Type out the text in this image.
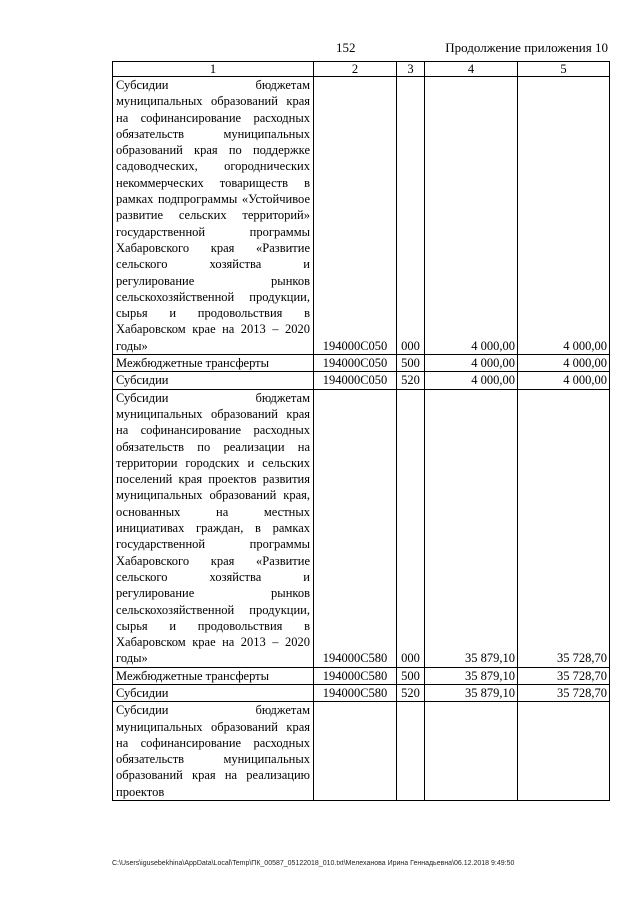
152	Продолжение приложения 10
1	2	3	4	5
Субсидии бюджетам муниципальных образований края на софинансирование расходных обязательств муниципальных образований края по поддержке садоводческих, огороднических некоммерческих товариществ в рамках подпрограммы «Устойчивое развитие сельских территорий» государственной программы Хабаровского края «Развитие сельского хозяйства и регулирование рынков сельскохозяйственной продукции, сырья и продовольствия в Хабаровском крае на 2013 – 2020 годы»	194000С050	000	4 000,00	4 000,00
Межбюджетные трансферты	194000С050	500	4 000,00	4 000,00
Субсидии	194000С050	520	4 000,00	4 000,00
Субсидии бюджетам муниципальных образований края на софинансирование расходных обязательств по реализации на территории городских и сельских поселений края проектов развития муниципальных образований края, основанных на местных инициативах граждан, в рамках государственной программы Хабаровского края «Развитие сельского хозяйства и регулирование рынков сельскохозяйственной продукции, сырья и продовольствия в Хабаровском крае на 2013 – 2020 годы»	194000С580	000	35 879,10	35 728,70
Межбюджетные трансферты	194000С580	500	35 879,10	35 728,70
Субсидии	194000С580	520	35 879,10	35 728,70
Субсидии бюджетам муниципальных образований края на софинансирование расходных обязательств муниципальных образований края на реализацию проектов				
C:\Users\igusebekhina\AppData\Local\Temp\ПК_00587_05122018_010.txt\Мелеханова Ирина Геннадьевна\06.12.2018 9:49:50
